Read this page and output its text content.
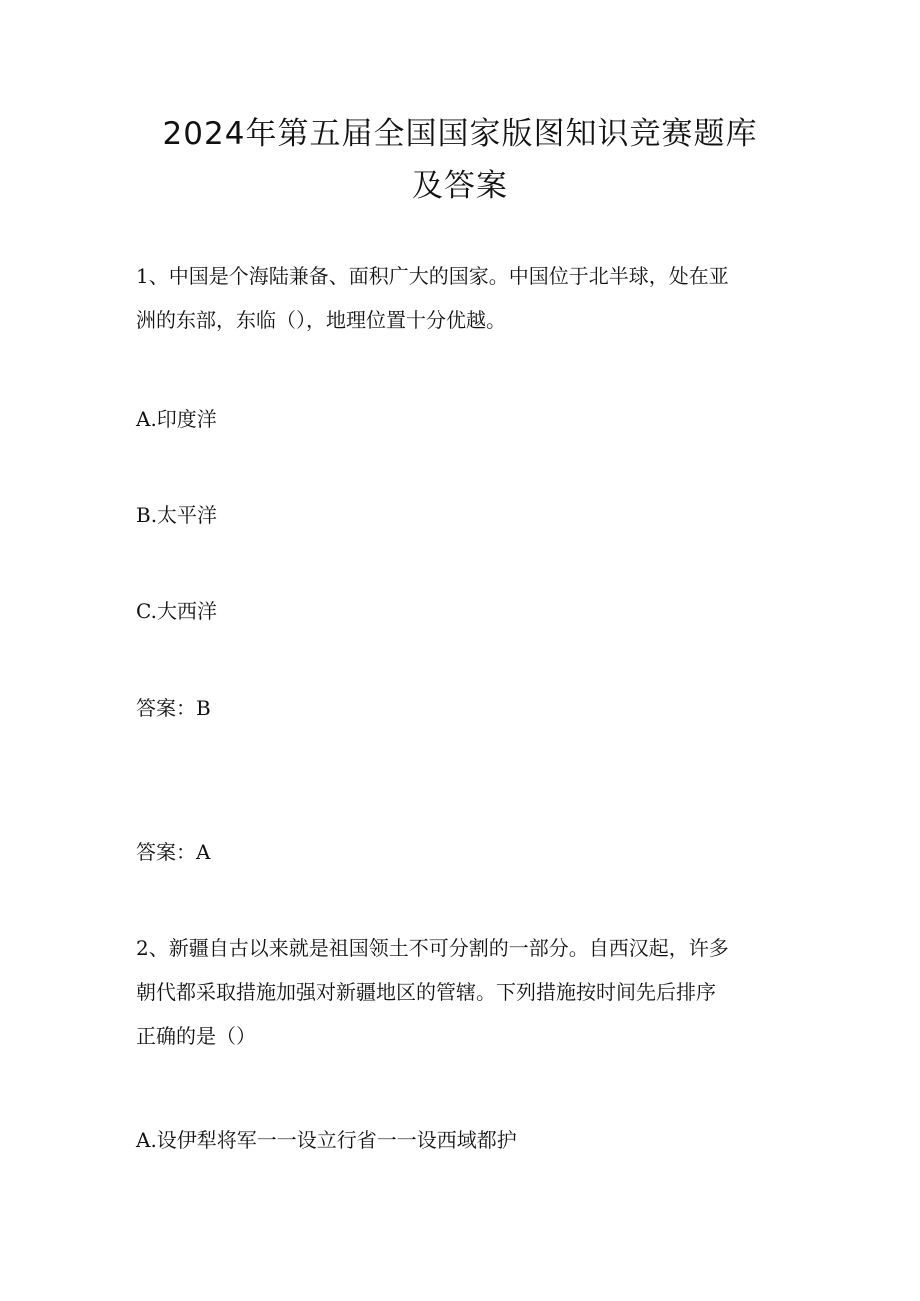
2024年第五届全国国家版图知识竞赛题库
及答案

1、中国是个海陆兼备、面积广大的国家。中国位于北半球，处在亚
洲的东部，东临（），地理位置十分优越。

A.印度洋

B.太平洋

C.大西洋

答案：B

答案：A

2、新疆自古以来就是祖国领土不可分割的一部分。自西汉起，许多
朝代都采取措施加强对新疆地区的管辖。下列措施按时间先后排序
正确的是（）

A.设伊犁将军一一设立行省一一设西域都护
